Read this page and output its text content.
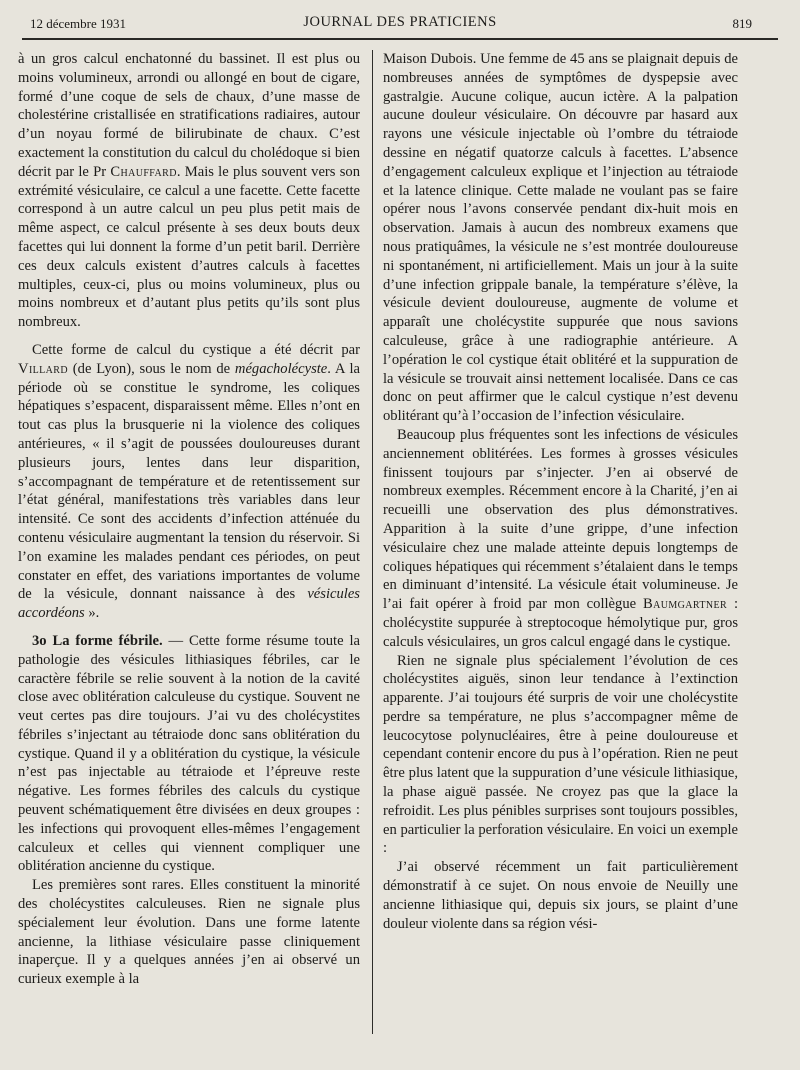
12 décembre 1931	JOURNAL DES PRATICIENS	819

à un gros calcul enchatonné du bassinet. Il est plus ou moins volumineux, arrondi ou allongé en bout de cigare, formé d’une coque de sels de chaux, d’une masse de cholestérine cristallisée en stratifications radiaires, autour d’un noyau formé de bilirubinate de chaux. C’est exactement la constitution du calcul du cholédoque si bien décrit par le Pr Chauffard. Mais le plus souvent vers son extrémité vésiculaire, ce calcul a une facette. Cette facette correspond à un autre calcul un peu plus petit mais de même aspect, ce calcul présente à ses deux bouts deux facettes qui lui donnent la forme d’un petit baril. Derrière ces deux calculs existent d’autres calculs à facettes multiples, ceux-ci, plus ou moins volumineux, plus ou moins nombreux et d’autant plus petits qu’ils sont plus nombreux.

Cette forme de calcul du cystique a été décrit par Villard (de Lyon), sous le nom de mégacholécyste. A la période où se constitue le syndrome, les coliques hépatiques s’espacent, disparaissent même. Elles n’ont en tout cas plus la brusquerie ni la violence des coliques antérieures, « il s’agit de poussées douloureuses durant plusieurs jours, lentes dans leur disparition, s’accompagnant de température et de retentissement sur l’état général, manifestations très variables dans leur intensité. Ce sont des accidents d’infection atténuée du contenu vésiculaire augmentant la tension du réservoir. Si l’on examine les malades pendant ces périodes, on peut constater en effet, des variations importantes de volume de la vésicule, donnant naissance à des vésicules accordéons ».

3o La forme fébrile. — Cette forme résume toute la pathologie des vésicules lithiasiques fébriles, car le caractère fébrile se relie souvent à la notion de la cavité close avec oblitération calculeuse du cystique. Souvent ne veut certes pas dire toujours. J’ai vu des cholécystites fébriles s’injectant au tétraiode donc sans oblitération du cystique. Quand il y a oblitération du cystique, la vésicule n’est pas injectable au tétraiode et l’épreuve reste négative. Les formes fébriles des calculs du cystique peuvent schématiquement être divisées en deux groupes : les infections qui provoquent elles-mêmes l’engagement calculeux et celles qui viennent compliquer une oblitération ancienne du cystique.

Les premières sont rares. Elles constituent la minorité des cholécystites calculeuses. Rien ne signale plus spécialement leur évolution. Dans une forme latente ancienne, la lithiase vésiculaire passe cliniquement inaperçue. Il y a quelques années j’en ai observé un curieux exemple à la

Maison Dubois. Une femme de 45 ans se plaignait depuis de nombreuses années de symptômes de dyspepsie avec gastralgie. Aucune colique, aucun ictère. A la palpation aucune douleur vésiculaire. On découvre par hasard aux rayons une vésicule injectable où l’ombre du tétraiode dessine en négatif quatorze calculs à facettes. L’absence d’engagement calculeux explique et l’injection au tétraiode et la latence clinique. Cette malade ne voulant pas se faire opérer nous l’avons conservée pendant dix-huit mois en observation. Jamais à aucun des nombreux examens que nous pratiquâmes, la vésicule ne s’est montrée douloureuse ni spontanément, ni artificiellement. Mais un jour à la suite d’une infection grippale banale, la température s’élève, la vésicule devient douloureuse, augmente de volume et apparaît une cholécystite suppurée que nous savions calculeuse, grâce à une radiographie antérieure. A l’opération le col cystique était oblitéré et la suppuration de la vésicule se trouvait ainsi nettement localisée. Dans ce cas donc on peut affirmer que le calcul cystique n’est devenu oblitérant qu’à l’occasion de l’infection vésiculaire.

Beaucoup plus fréquentes sont les infections de vésicules anciennement oblitérées. Les formes à grosses vésicules finissent toujours par s’injecter. J’en ai observé de nombreux exemples. Récemment encore à la Charité, j’en ai recueilli une observation des plus démonstratives. Apparition à la suite d’une grippe, d’une infection vésiculaire chez une malade atteinte depuis longtemps de coliques hépatiques qui récemment s’étalaient dans le temps en diminuant d’intensité. La vésicule était volumineuse. Je l’ai fait opérer à froid par mon collègue Baumgartner : cholécystite suppurée à streptocoque hémolytique pur, gros calculs vésiculaires, un gros calcul engagé dans le cystique.

Rien ne signale plus spécialement l’évolution de ces cholécystites aiguës, sinon leur tendance à l’extinction apparente. J’ai toujours été surpris de voir une cholécystite perdre sa température, ne plus s’accompagner même de leucocytose polynucléaires, être à peine douloureuse et cependant contenir encore du pus à l’opération. Rien ne peut être plus latent que la suppuration d’une vésicule lithiasique, la phase aiguë passée. Ne croyez pas que la glace la refroidit. Les plus pénibles surprises sont toujours possibles, en particulier la perforation vésiculaire. En voici un exemple :

J’ai observé récemment un fait particulièrement démonstratif à ce sujet. On nous envoie de Neuilly une ancienne lithiasique qui, depuis six jours, se plaint d’une douleur violente dans sa région vési-
